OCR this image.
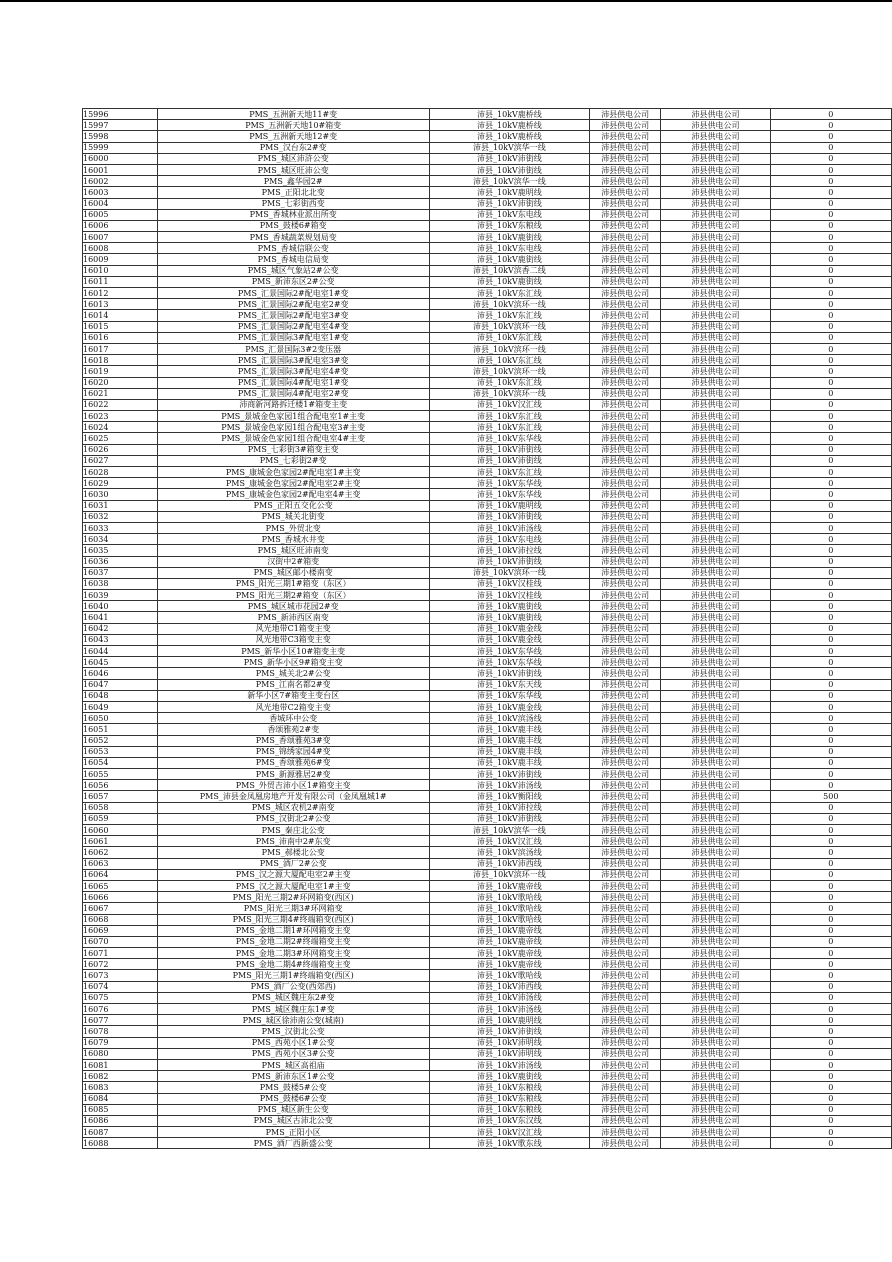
15996	PMS_五洲新天地11#变	沛县_10kV鹿桥线	沛县供电公司	沛县供电公司	0
15997	PMS_五洲新天地10#箱变	沛县_10kV鹿桥线	沛县供电公司	沛县供电公司	0
15998	PMS_五洲新天地12#变	沛县_10kV鹿桥线	沛县供电公司	沛县供电公司	0
15999	PMS_汉台东2#变	沛县_10kV滨华一线	沛县供电公司	沛县供电公司	0
16000	PMS_城区沛浒公变	沛县_10kV沛街线	沛县供电公司	沛县供电公司	0
16001	PMS_城区旺沛公变	沛县_10kV沛街线	沛县供电公司	沛县供电公司	0
16002	PMS_鑫华园2#	沛县_10kV滨华一线	沛县供电公司	沛县供电公司	0
16003	PMS_正阳北北变	沛县_10kV鹿明线	沛县供电公司	沛县供电公司	0
16004	PMS_七彩街西变	沛县_10kV沛街线	沛县供电公司	沛县供电公司	0
16005	PMS_香城林业派出所变	沛县_10kV东电线	沛县供电公司	沛县供电公司	0
16006	PMS_鼓楼6#箱变	沛县_10kV东粮线	沛县供电公司	沛县供电公司	0
16007	PMS_香城蔬菜规划局变	沛县_10kV鹿街线	沛县供电公司	沛县供电公司	0
16008	PMS_香城信联公变	沛县_10kV东电线	沛县供电公司	沛县供电公司	0
16009	PMS_香城电信局变	沛县_10kV鹿街线	沛县供电公司	沛县供电公司	0
16010	PMS_城区气象站2#公变	沛县_10kV滨香二线	沛县供电公司	沛县供电公司	0
16011	PMS_新沛东区2#公变	沛县_10kV鹿街线	沛县供电公司	沛县供电公司	0
16012	PMS_汇景国际2#配电室1#变	沛县_10kV东汇线	沛县供电公司	沛县供电公司	0
16013	PMS_汇景国际2#配电室2#变	沛县_10kV滨环一线	沛县供电公司	沛县供电公司	0
16014	PMS_汇景国际2#配电室3#变	沛县_10kV东汇线	沛县供电公司	沛县供电公司	0
16015	PMS_汇景国际2#配电室4#变	沛县_10kV滨环一线	沛县供电公司	沛县供电公司	0
16016	PMS_汇景国际3#配电室1#变	沛县_10kV东汇线	沛县供电公司	沛县供电公司	0
16017	PMS_汇景国际3#2变压器	沛县_10kV滨环一线	沛县供电公司	沛县供电公司	0
16018	PMS_汇景国际3#配电室3#变	沛县_10kV东汇线	沛县供电公司	沛县供电公司	0
16019	PMS_汇景国际3#配电室4#变	沛县_10kV滨环一线	沛县供电公司	沛县供电公司	0
16020	PMS_汇景国际4#配电室1#变	沛县_10kV东汇线	沛县供电公司	沛县供电公司	0
16021	PMS_汇景国际4#配电室2#变	沛县_10kV滨环一线	沛县供电公司	沛县供电公司	0
16022	沛商新河路拆迁楼1#箱变主变	沛县_10kV汉汇线	沛县供电公司	沛县供电公司	0
16023	PMS_景城金色家园1组合配电室1#主变	沛县_10kV东汇线	沛县供电公司	沛县供电公司	0
16024	PMS_景城金色家园1组合配电室3#主变	沛县_10kV东汇线	沛县供电公司	沛县供电公司	0
16025	PMS_景城金色家园1组合配电室4#主变	沛县_10kV东华线	沛县供电公司	沛县供电公司	0
16026	PMS_七彩街3#箱变主变	沛县_10kV沛街线	沛县供电公司	沛县供电公司	0
16027	PMS_七彩街2#变	沛县_10kV沛街线	沛县供电公司	沛县供电公司	0
16028	PMS_康城金色家园2#配电室1#主变	沛县_10kV东汇线	沛县供电公司	沛县供电公司	0
16029	PMS_康城金色家园2#配电室2#主变	沛县_10kV东华线	沛县供电公司	沛县供电公司	0
16030	PMS_康城金色家园2#配电室4#主变	沛县_10kV东华线	沛县供电公司	沛县供电公司	0
16031	PMS_正阳五交化公变	沛县_10kV鹿明线	沛县供电公司	沛县供电公司	0
16032	PMS_城关北街变	沛县_10kV沛街线	沛县供电公司	沛县供电公司	0
16033	PMS_外贸北变	沛县_10kV沛汤线	沛县供电公司	沛县供电公司	0
16034	PMS_香城水井变	沛县_10kV东电线	沛县供电公司	沛县供电公司	0
16035	PMS_城区旺沛南变	沛县_10kV沛拉线	沛县供电公司	沛县供电公司	0
16036	汉街中2#箱变	沛县_10kV沛街线	沛县供电公司	沛县供电公司	0
16037	PMS_城区邮小楼南变	沛县_10kV滨环一线	沛县供电公司	沛县供电公司	0
16038	PMS_阳光三期1#箱变（东区）	沛县_10kV汉桂线	沛县供电公司	沛县供电公司	0
16039	PMS_阳光三期2#箱变（东区）	沛县_10kV汉桂线	沛县供电公司	沛县供电公司	0
16040	PMS_城区城市花园2#变	沛县_10kV鹿街线	沛县供电公司	沛县供电公司	0
16041	PMS_新沛西区南变	沛县_10kV鹿街线	沛县供电公司	沛县供电公司	0
16042	风光地带C1箱变主变	沛县_10kV鹿金线	沛县供电公司	沛县供电公司	0
16043	风光地带C3箱变主变	沛县_10kV鹿金线	沛县供电公司	沛县供电公司	0
16044	PMS_新华小区10#箱变主变	沛县_10kV东华线	沛县供电公司	沛县供电公司	0
16045	PMS_新华小区9#箱变主变	沛县_10kV东华线	沛县供电公司	沛县供电公司	0
16046	PMS_城关北2#公变	沛县_10kV沛街线	沛县供电公司	沛县供电公司	0
16047	PMS_江南名都2#变	沛县_10kV东天线	沛县供电公司	沛县供电公司	0
16048	新华小区7#箱变主变台区	沛县_10kV东华线	沛县供电公司	沛县供电公司	0
16049	风光地带C2箱变主变	沛县_10kV鹿金线	沛县供电公司	沛县供电公司	0
16050	香城环中公变	沛县_10kV滨汤线	沛县供电公司	沛县供电公司	0
16051	香颂雅苑2#变	沛县_10kV鹿丰线	沛县供电公司	沛县供电公司	0
16052	PMS_香颂雅苑3#变	沛县_10kV鹿丰线	沛县供电公司	沛县供电公司	0
16053	PMS_锦绣家园4#变	沛县_10kV鹿丰线	沛县供电公司	沛县供电公司	0
16054	PMS_香颂雅苑6#变	沛县_10kV鹿丰线	沛县供电公司	沛县供电公司	0
16055	PMS_新源雅居2#变	沛县_10kV沛街线	沛县供电公司	沛县供电公司	0
16056	PMS_外贸吉沛小区1#箱变主变	沛县_10kV沛汤线	沛县供电公司	沛县供电公司	0
16057	PMS_沛县金凤凰房地产开发有限公司（金凤凰城1#	沛县_10kV衡阳线	沛县供电公司	沛县供电公司	500
16058	PMS_城区农机2#南变	沛县_10kV沛拉线	沛县供电公司	沛县供电公司	0
16059	PMS_汉街北2#公变	沛县_10kV沛街线	沛县供电公司	沛县供电公司	0
16060	PMS_秦庄北公变	沛县_10kV滨华一线	沛县供电公司	沛县供电公司	0
16061	PMS_沛南中2#东变	沛县_10kV汉汇线	沛县供电公司	沛县供电公司	0
16062	PMS_郝楼北公变	沛县_10kV滨汤线	沛县供电公司	沛县供电公司	0
16063	PMS_酒厂2#公变	沛县_10kV沛西线	沛县供电公司	沛县供电公司	0
16064	PMS_汉之源大厦配电室2#主变	沛县_10kV滨环一线	沛县供电公司	沛县供电公司	0
16065	PMS_汉之源大厦配电室1#主变	沛县_10kV鹿帝线	沛县供电公司	沛县供电公司	0
16066	PMS_阳光三期2#环网箱变(西区)	沛县_10kV歌哈线	沛县供电公司	沛县供电公司	0
16067	PMS_阳光三期3#环网箱变	沛县_10kV歌哈线	沛县供电公司	沛县供电公司	0
16068	PMS_阳光三期4#终端箱变(西区)	沛县_10kV歌哈线	沛县供电公司	沛县供电公司	0
16069	PMS_金地二期1#环网箱变主变	沛县_10kV鹿帝线	沛县供电公司	沛县供电公司	0
16070	PMS_金地二期2#终端箱变主变	沛县_10kV鹿帝线	沛县供电公司	沛县供电公司	0
16071	PMS_金地二期3#环网箱变主变	沛县_10kV鹿帝线	沛县供电公司	沛县供电公司	0
16072	PMS_金地二期4#终端箱变主变	沛县_10kV鹿帝线	沛县供电公司	沛县供电公司	0
16073	PMS_阳光三期1#终端箱变(西区)	沛县_10kV歌哈线	沛县供电公司	沛县供电公司	0
16074	PMS_酒厂公变(西郊西)	沛县_10kV沛西线	沛县供电公司	沛县供电公司	0
16075	PMS_城区魏庄东2#变	沛县_10kV沛汤线	沛县供电公司	沛县供电公司	0
16076	PMS_城区魏庄东1#变	沛县_10kV沛汤线	沛县供电公司	沛县供电公司	0
16077	PMS_城区徐沛南公变(城南)	沛县_10kV鹿明线	沛县供电公司	沛县供电公司	0
16078	PMS_汉街北公变	沛县_10kV沛街线	沛县供电公司	沛县供电公司	0
16079	PMS_西苑小区1#公变	沛县_10kV沛明线	沛县供电公司	沛县供电公司	0
16080	PMS_西苑小区3#公变	沛县_10kV沛明线	沛县供电公司	沛县供电公司	0
16081	PMS_城区高祖庙	沛县_10kV沛汤线	沛县供电公司	沛县供电公司	0
16082	PMS_新沛东区1#公变	沛县_10kV鹿街线	沛县供电公司	沛县供电公司	0
16083	PMS_鼓楼5#公变	沛县_10kV东粮线	沛县供电公司	沛县供电公司	0
16084	PMS_鼓楼6#公变	沛县_10kV东粮线	沛县供电公司	沛县供电公司	0
16085	PMS_城区新生公变	沛县_10kV东粮线	沛县供电公司	沛县供电公司	0
16086	PMS_城区古沛北公变	沛县_10kV东汉线	沛县供电公司	沛县供电公司	0
16087	PMS_正阳小区	沛县_10kV汉汇线	沛县供电公司	沛县供电公司	0
16088	PMS_酒厂西新盛公变	沛县_10kV歌东线	沛县供电公司	沛县供电公司	0
